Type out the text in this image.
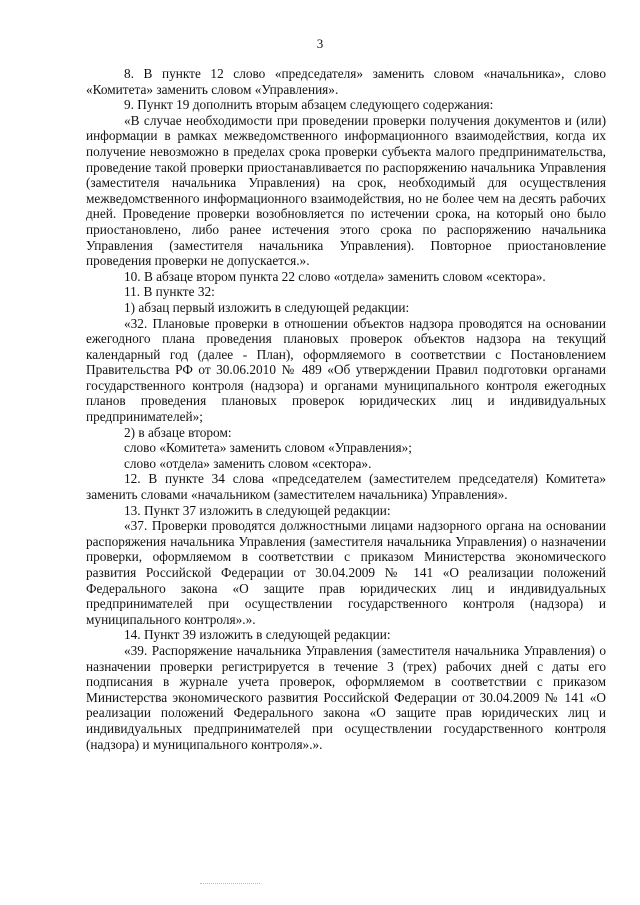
3

8. В пункте 12 слово «председателя» заменить словом «начальника», слово «Комитета» заменить словом «Управления».

9. Пункт 19 дополнить вторым абзацем следующего содержания:

«В случае необходимости при проведении проверки получения документов и (или) информации в рамках межведомственного информационного взаимодействия, когда их получение невозможно в пределах срока проверки субъекта малого предпринимательства, проведение такой проверки приостанавливается по распоряжению начальника Управления (заместителя начальника Управления) на срок, необходимый для осуществления межведомственного информационного взаимодействия, но не более чем на десять рабочих дней. Проведение проверки возобновляется по истечении срока, на который оно было приостановлено, либо ранее истечения этого срока по распоряжению начальника Управления (заместителя начальника Управления). Повторное приостановление проведения проверки не допускается.».

10. В абзаце втором пункта 22 слово «отдела» заменить словом «сектора».

11. В пункте 32:

1) абзац первый изложить в следующей редакции:

«32. Плановые проверки в отношении объектов надзора проводятся на основании ежегодного плана проведения плановых проверок объектов надзора на текущий календарный год (далее - План), оформляемого в соответствии с Постановлением Правительства РФ от 30.06.2010 № 489 «Об утверждении Правил подготовки органами государственного контроля (надзора) и органами муниципального контроля ежегодных планов проведения плановых проверок юридических лиц и индивидуальных предпринимателей»;

2) в абзаце втором:

слово «Комитета» заменить словом «Управления»;

слово «отдела» заменить словом «сектора».

12. В пункте 34 слова «председателем (заместителем председателя) Комитета» заменить словами «начальником (заместителем начальника) Управления».

13. Пункт 37 изложить в следующей редакции:

«37. Проверки проводятся должностными лицами надзорного органа на основании распоряжения начальника Управления (заместителя начальника Управления) о назначении проверки, оформляемом в соответствии с приказом Министерства экономического развития Российской Федерации от 30.04.2009 № 141 «О реализации положений Федерального закона «О защите прав юридических лиц и индивидуальных предпринимателей при осуществлении государственного контроля (надзора) и муниципального контроля».».

14. Пункт 39 изложить в следующей редакции:

«39. Распоряжение начальника Управления (заместителя начальника Управления) о назначении проверки регистрируется в течение 3 (трех) рабочих дней с даты его подписания в журнале учета проверок, оформляемом в соответствии с приказом Министерства экономического развития Российской Федерации от 30.04.2009 № 141 «О реализации положений Федерального закона «О защите прав юридических лиц и индивидуальных предпринимателей при осуществлении государственного контроля (надзора) и муниципального контроля».».
